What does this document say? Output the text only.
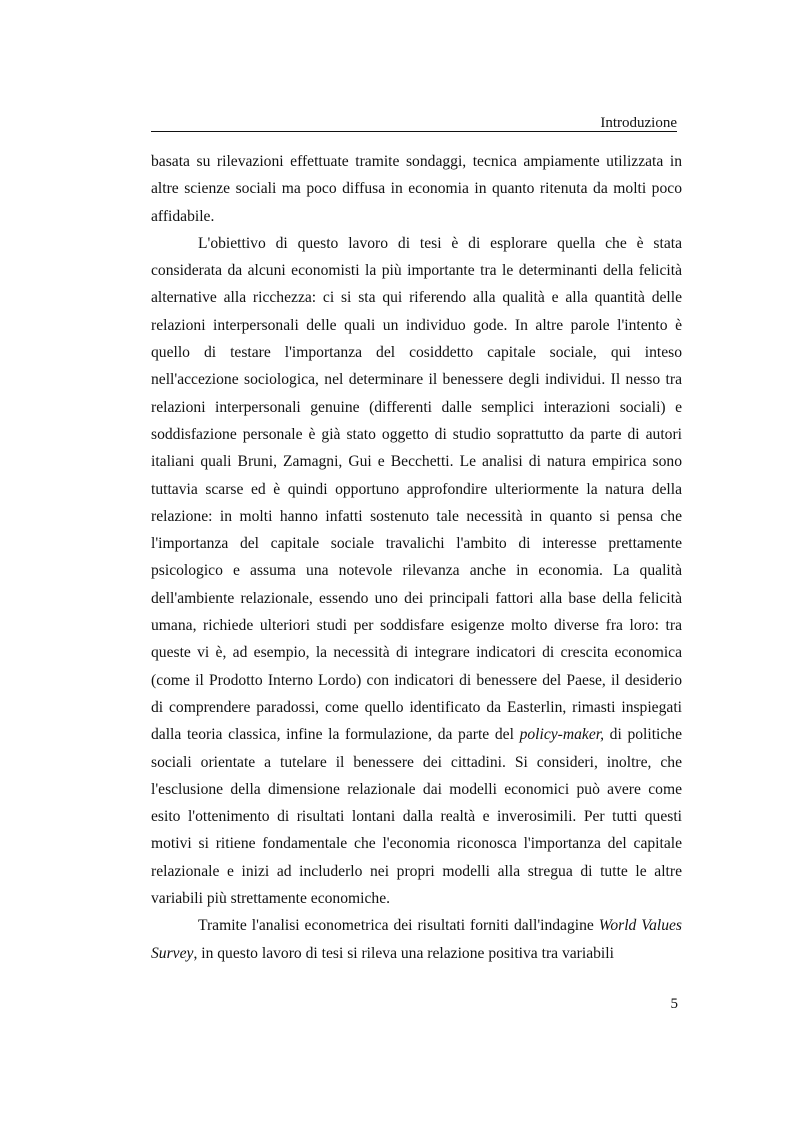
Introduzione

basata su rilevazioni effettuate tramite sondaggi, tecnica ampiamente utilizzata in altre scienze sociali ma poco diffusa in economia in quanto ritenuta da molti poco affidabile.

L'obiettivo di questo lavoro di tesi è di esplorare quella che è stata considerata da alcuni economisti la più importante tra le determinanti della felicità alternative alla ricchezza: ci si sta qui riferendo alla qualità e alla quantità delle relazioni interpersonali delle quali un individuo gode. In altre parole l'intento è quello di testare l'importanza del cosiddetto capitale sociale, qui inteso nell'accezione sociologica, nel determinare il benessere degli individui. Il nesso tra relazioni interpersonali genuine (differenti dalle semplici interazioni sociali) e soddisfazione personale è già stato oggetto di studio soprattutto da parte di autori italiani quali Bruni, Zamagni, Gui e Becchetti. Le analisi di natura empirica sono tuttavia scarse ed è quindi opportuno approfondire ulteriormente la natura della relazione: in molti hanno infatti sostenuto tale necessità in quanto si pensa che l'importanza del capitale sociale travalichi l'ambito di interesse prettamente psicologico e assuma una notevole rilevanza anche in economia. La qualità dell'ambiente relazionale, essendo uno dei principali fattori alla base della felicità umana, richiede ulteriori studi per soddisfare esigenze molto diverse fra loro: tra queste vi è, ad esempio, la necessità di integrare indicatori di crescita economica (come il Prodotto Interno Lordo) con indicatori di benessere del Paese, il desiderio di comprendere paradossi, come quello identificato da Easterlin, rimasti inspiegati dalla teoria classica, infine la formulazione, da parte del policy-maker, di politiche sociali orientate a tutelare il benessere dei cittadini. Si consideri, inoltre, che l'esclusione della dimensione relazionale dai modelli economici può avere come esito l'ottenimento di risultati lontani dalla realtà e inverosimili. Per tutti questi motivi si ritiene fondamentale che l'economia riconosca l'importanza del capitale relazionale e inizi ad includerlo nei propri modelli alla stregua di tutte le altre variabili più strettamente economiche.

Tramite l'analisi econometrica dei risultati forniti dall'indagine World Values Survey, in questo lavoro di tesi si rileva una relazione positiva tra variabili

5
